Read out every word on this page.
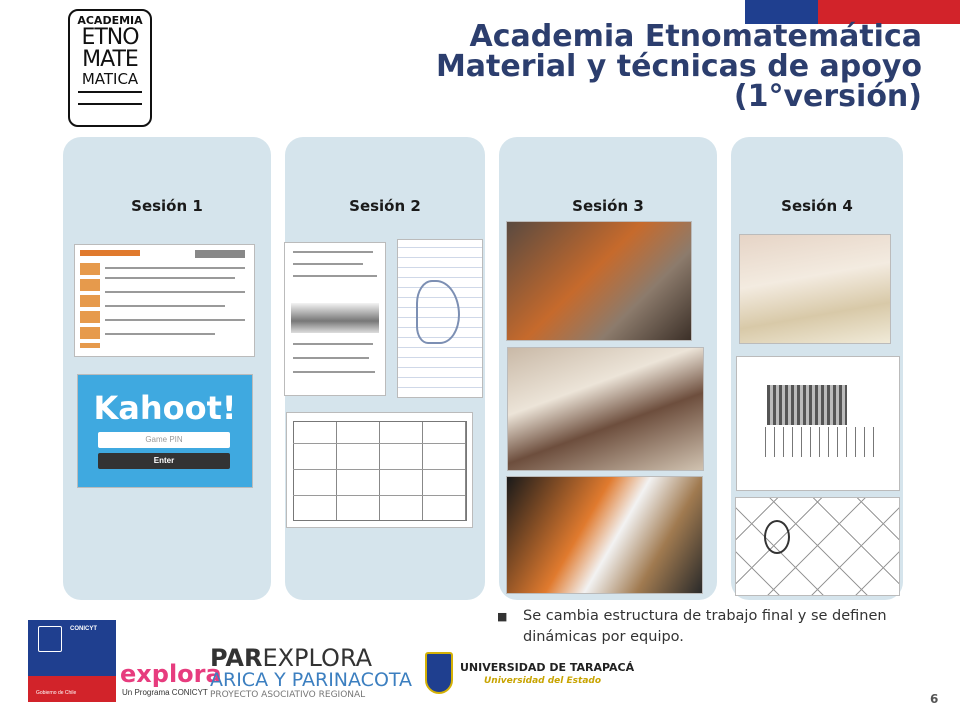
ACADEMIA
ETNO
MATE
MATICA
Academia Etnomatemática
Material y técnicas de apoyo
(1°versión)
Sesión 1	Sesión 2	Sesión 3	Sesión 4
Kahoot!
Game PIN
Enter
■	Se cambia estructura de trabajo final y se definen dinámicas por equipo.
CONICYT
Gobierno de Chile
explora
Un Programa CONICYT
PAREXPLORA
ARICA Y PARINACOTA
PROYECTO ASOCIATIVO REGIONAL
UNIVERSIDAD DE TARAPACÁ
Universidad del Estado
6
